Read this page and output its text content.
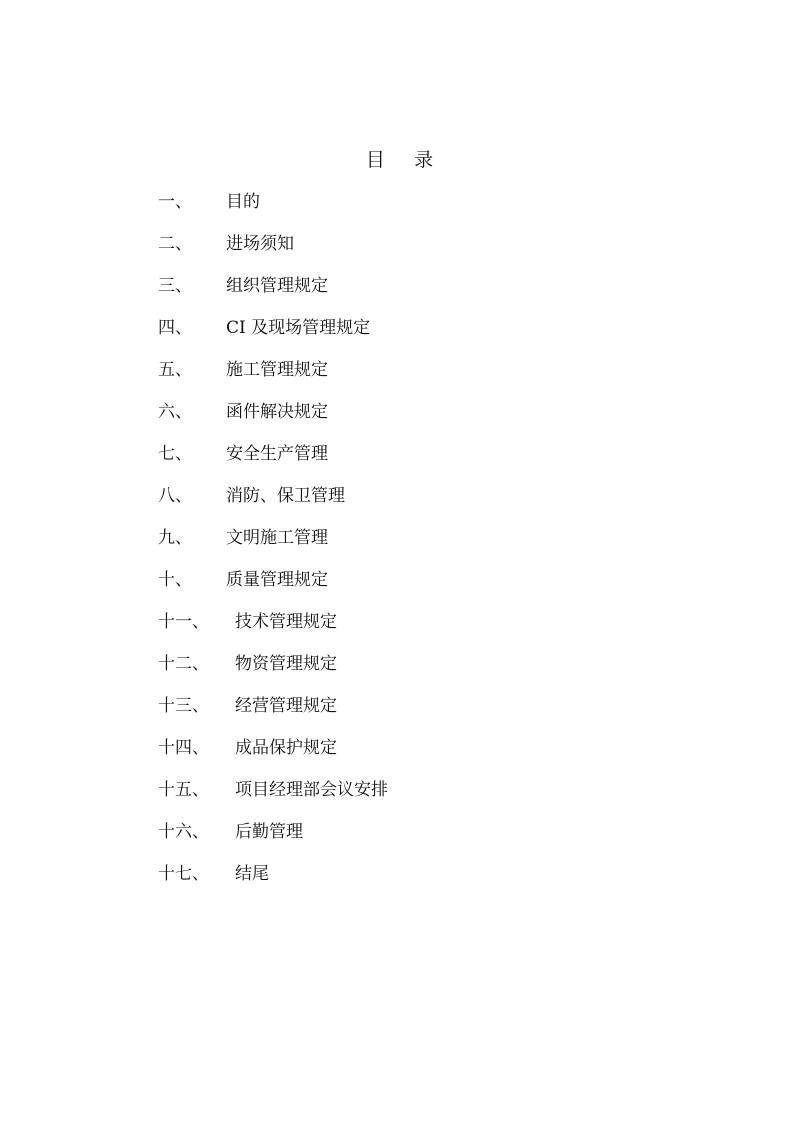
目    录
一、 目的
二、 进场须知
三、 组织管理规定
四、 CI 及现场管理规定
五、 施工管理规定
六、 函件解决规定
七、 安全生产管理
八、 消防、保卫管理
九、 文明施工管理
十、 质量管理规定
十一、 技术管理规定
十二、 物资管理规定
十三、 经营管理规定
十四、 成品保护规定
十五、 项目经理部会议安排
十六、 后勤管理
十七、 结尾
